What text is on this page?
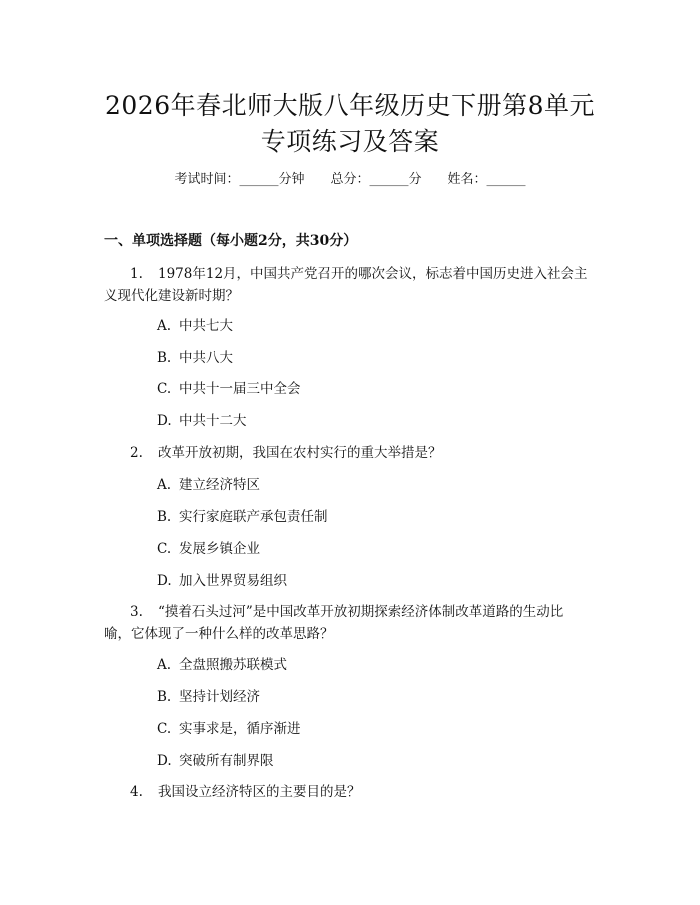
2026年春北师大版八年级历史下册第8单元
专项练习及答案
考试时间：______分钟 总分：______分 姓名：______
一、单项选择题（每小题2分，共30分）
1. 1978年12月，中国共产党召开的哪次会议，标志着中国历史进入社会主
义现代化建设新时期？
A. 中共七大
B. 中共八大
C. 中共十一届三中全会
D. 中共十二大
2. 改革开放初期，我国在农村实行的重大举措是？
A. 建立经济特区
B. 实行家庭联产承包责任制
C. 发展乡镇企业
D. 加入世界贸易组织
3. “摸着石头过河”是中国改革开放初期探索经济体制改革道路的生动比
喻，它体现了一种什么样的改革思路？
A. 全盘照搬苏联模式
B. 坚持计划经济
C. 实事求是，循序渐进
D. 突破所有制界限
4. 我国设立经济特区的主要目的是？
